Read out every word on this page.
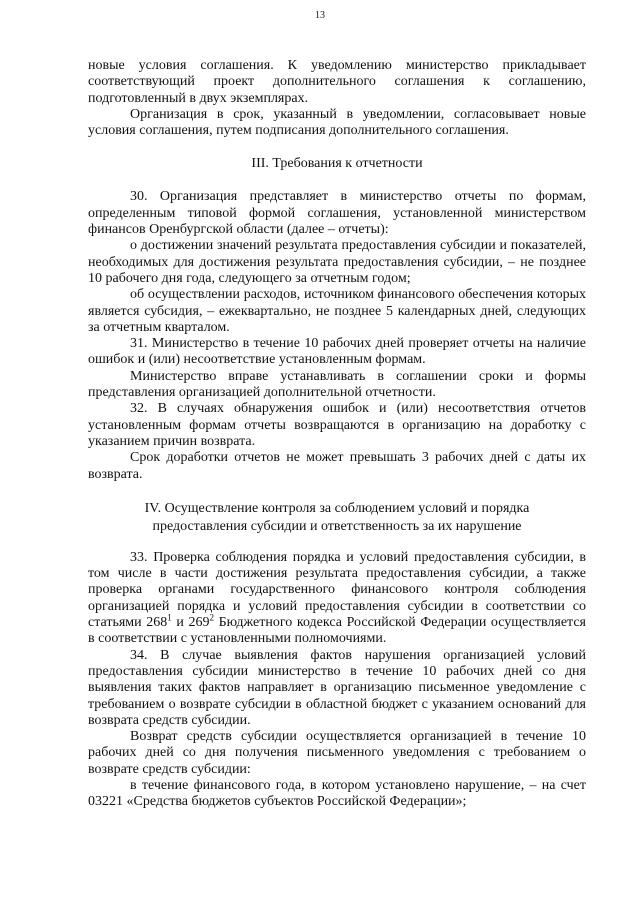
13

новые условия соглашения. К уведомлению министерство прикладывает соответствующий проект дополнительного соглашения к соглашению, подготовленный в двух экземплярах.

Организация в срок, указанный в уведомлении, согласовывает новые условия соглашения, путем подписания дополнительного соглашения.

III. Требования к отчетности

30. Организация представляет в министерство отчеты по формам, определенным типовой формой соглашения, установленной министерством финансов Оренбургской области (далее – отчеты):

о достижении значений результата предоставления субсидии и показателей, необходимых для достижения результата предоставления субсидии, – не позднее 10 рабочего дня года, следующего за отчетным годом;

об осуществлении расходов, источником финансового обеспечения которых является субсидия, – ежеквартально, не позднее 5 календарных дней, следующих за отчетным кварталом.

31. Министерство в течение 10 рабочих дней проверяет отчеты на наличие ошибок и (или) несоответствие установленным формам.

Министерство вправе устанавливать в соглашении сроки и формы представления организацией дополнительной отчетности.

32. В случаях обнаружения ошибок и (или) несоответствия отчетов установленным формам отчеты возвращаются в организацию на доработку с указанием причин возврата.

Срок доработки отчетов не может превышать 3 рабочих дней с даты их возврата.

IV. Осуществление контроля за соблюдением условий и порядка
предоставления субсидии и ответственность за их нарушение

33. Проверка соблюдения порядка и условий предоставления субсидии, в том числе в части достижения результата предоставления субсидии, а также проверка органами государственного финансового контроля соблюдения организацией порядка и условий предоставления субсидии в соответствии со статьями $268^1$ и $269^2$ Бюджетного кодекса Российской Федерации осуществляется в соответствии с установленными полномочиями.

34. В случае выявления фактов нарушения организацией условий предоставления субсидии министерство в течение 10 рабочих дней со дня выявления таких фактов направляет в организацию письменное уведомление с требованием о возврате субсидии в областной бюджет с указанием оснований для возврата средств субсидии.

Возврат средств субсидии осуществляется организацией в течение 10 рабочих дней со дня получения письменного уведомления с требованием о возврате средств субсидии:

в течение финансового года, в котором установлено нарушение, – на счет 03221 «Средства бюджетов субъектов Российской Федерации»;
